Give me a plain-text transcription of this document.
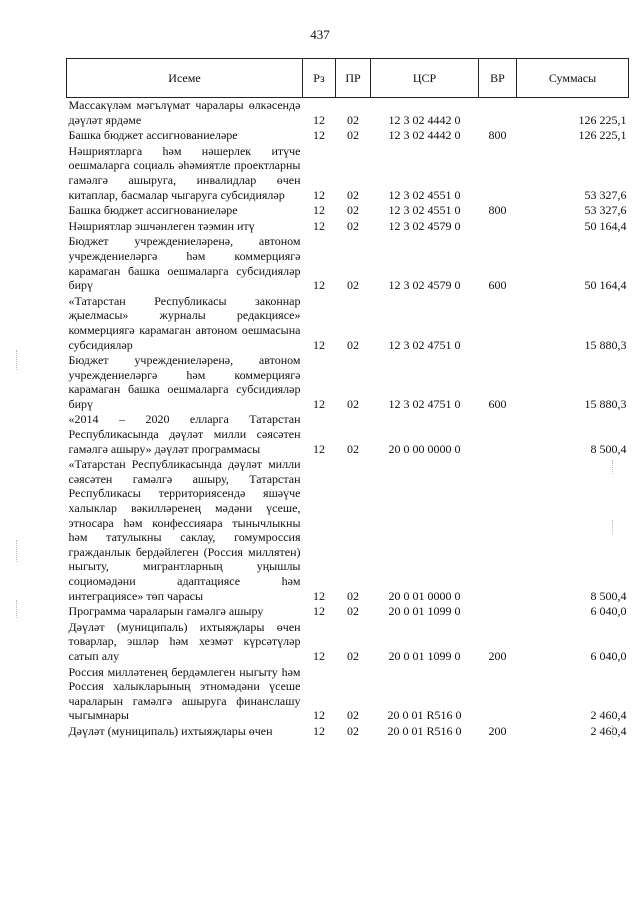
437
Исеме	Рз	ПР	ЦСР	ВР	Суммасы

Массакүләм мәгълүмат чаралары өлкәсендә дәүләт ярдәме	12	02	12 3 02 4442 0		126 225,1

Башка бюджет ассигнованиеләре	12	02	12 3 02 4442 0	800	126 225,1

Нәшриятларга һәм нәшерлек итүче оешмаларга социаль әһәмиятле проектларны гамәлгә ашыруга, инвалидлар өчен китаплар, басмалар чыгаруга субсидияләр	12	02	12 3 02 4551 0		53 327,6

Башка бюджет ассигнованиеләре	12	02	12 3 02 4551 0	800	53 327,6

Нәшриятлар эшчәнлеген тәэмин итү	12	02	12 3 02 4579 0		50 164,4

Бюджет учреждениеләренә, автоном учреждениеләргә һәм коммерциягә карамаган башка оешмаларга субсидияләр бирү	12	02	12 3 02 4579 0	600	50 164,4

«Татарстан Республикасы законнар җыелмасы» журналы редакциясе» коммерциягә карамаган автоном оешмасына субсидияләр	12	02	12 3 02 4751 0		15 880,3

Бюджет учреждениеләренә, автоном учреждениеләргә һәм коммерциягә карамаган башка оешмаларга субсидияләр бирү	12	02	12 3 02 4751 0	600	15 880,3

«2014 – 2020 елларга Татарстан Республикасында дәүләт милли сәясәтен гамәлгә ашыру» дәүләт программасы	12	02	20 0 00 0000 0		8 500,4

«Татарстан Республикасында дәүләт милли сәясәтен гамәлгә ашыру, Татарстан Республикасы территориясендә яшәүче халыклар вәкилләренең мәдәни үсеше, этносара һәм конфессияара тынычлыкны һәм татулыкны саклау, гомумроссия гражданлык бердәйлеген (Россия миллятен) ныгыту, мигрантларның уңышлы социомәдәни адаптациясе һәм интеграциясе» төп чарасы	12	02	20 0 01 0000 0		8 500,4

Программа чараларын гамәлгә ашыру	12	02	20 0 01 1099 0		6 040,0

Дәүләт (муниципаль) ихтыяҗлары өчен товарлар, эшләр һәм хезмәт күрсәтүләр сатып алу	12	02	20 0 01 1099 0	200	6 040,0

Россия милләтенең бердәмлеген ныгыту һәм Россия халыкларының этномәдәни үсеше чараларын гамәлгә ашыруга финанслашу чыгымнары	12	02	20 0 01 R516 0		2 460,4

Дәүләт (муниципаль) ихтыяҗлары өчен	12	02	20 0 01 R516 0	200	2 460,4
